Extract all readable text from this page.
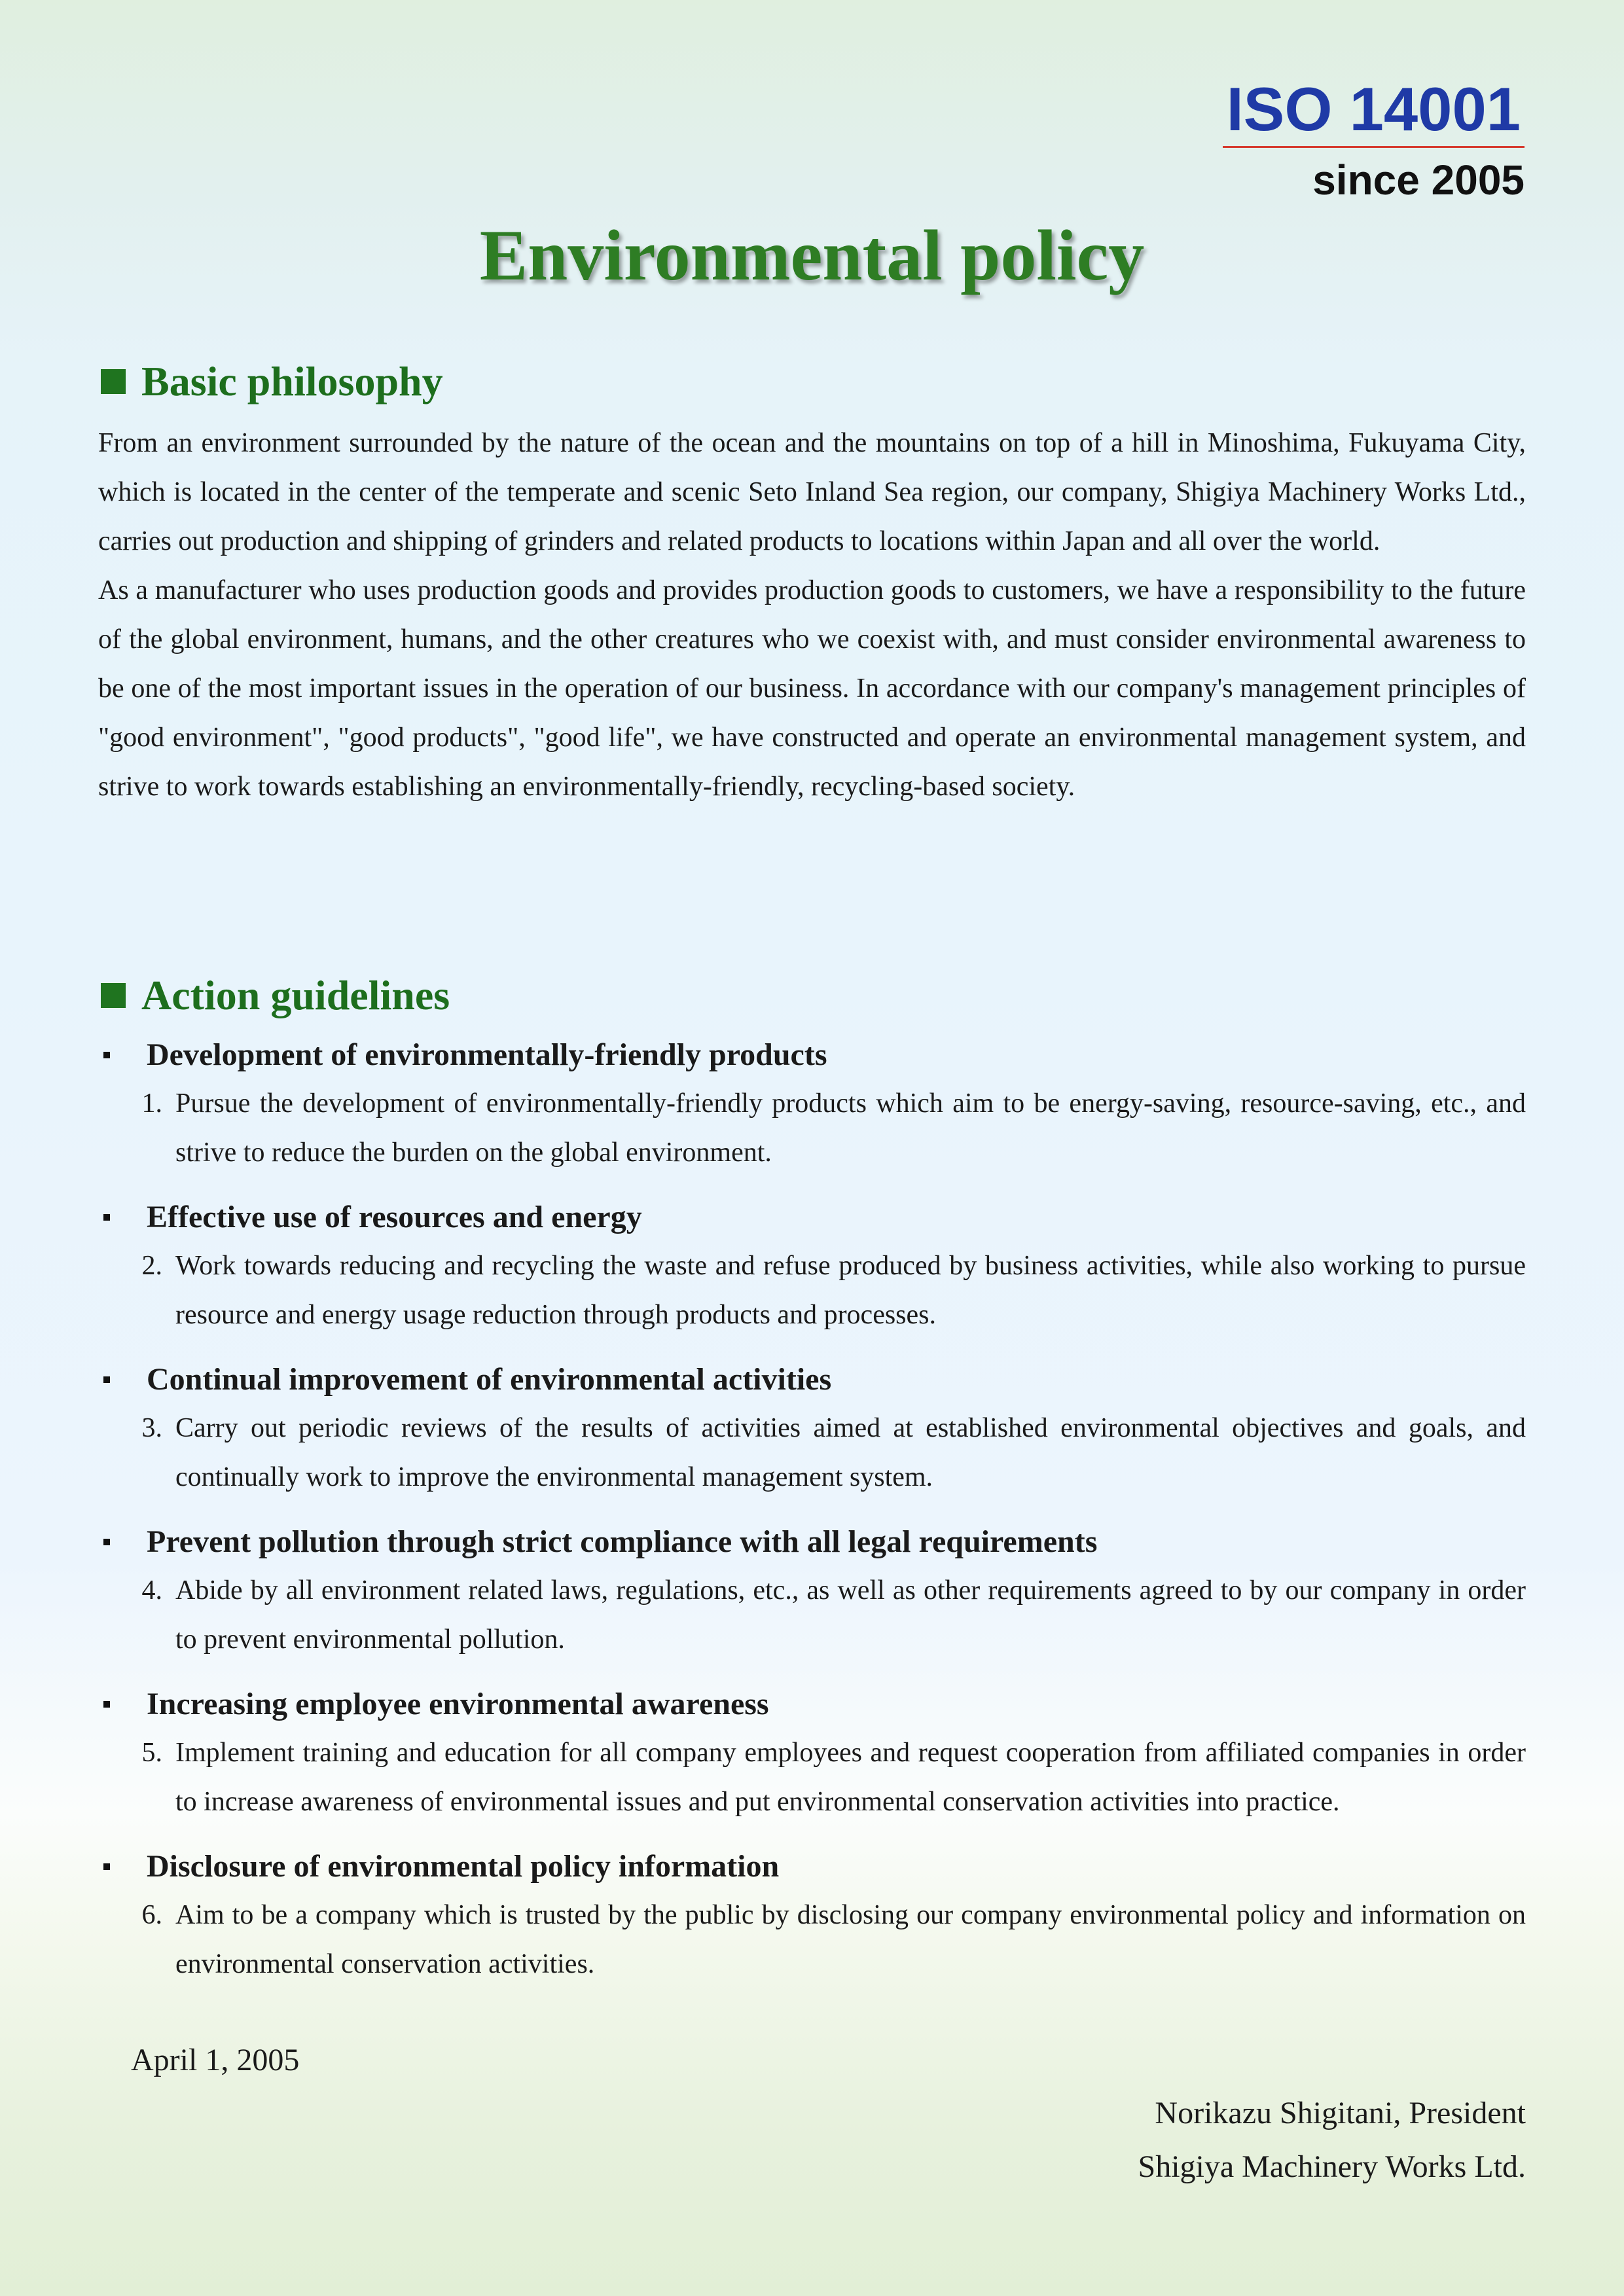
ISO 14001
since 2005
Environmental policy
Basic philosophy

From an environment surrounded by the nature of the ocean and the mountains on top of a hill in Minoshima, Fukuyama City, which is located in the center of the temperate and scenic Seto Inland Sea region, our company, Shigiya Machinery Works Ltd., carries out production and shipping of grinders and related products to locations within Japan and all over the world.

As a manufacturer who uses production goods and provides production goods to customers, we have a responsibility to the future of the global environment, humans, and the other creatures who we coexist with, and must consider environmental awareness to be one of the most important issues in the operation of our business. In accordance with our company's management principles of "good environment", "good products", "good life", we have constructed and operate an environmental management system, and strive to work towards establishing an environmentally-friendly, recycling-based society.

Action guidelines

Development of environmentally-friendly products

1. Pursue the development of environmentally-friendly products which aim to be energy-saving, resource-saving, etc., and strive to reduce the burden on the global environment.

Effective use of resources and energy

2. Work towards reducing and recycling the waste and refuse produced by business activities, while also working to pursue resource and energy usage reduction through products and processes.

Continual improvement of environmental activities

3. Carry out periodic reviews of the results of activities aimed at established environmental objectives and goals, and continually work to improve the environmental management system.

Prevent pollution through strict compliance with all legal requirements

4. Abide by all environment related laws, regulations, etc., as well as other requirements agreed to by our company in order to prevent environmental pollution.

Increasing employee environmental awareness

5. Implement training and education for all company employees and request cooperation from affiliated companies in order to increase awareness of environmental issues and put environmental conservation activities into practice.

Disclosure of environmental policy information

6. Aim to be a company which is trusted by the public by disclosing our company environmental policy and information on environmental conservation activities.

April 1, 2005
Norikazu Shigitani, President
Shigiya Machinery Works Ltd.
